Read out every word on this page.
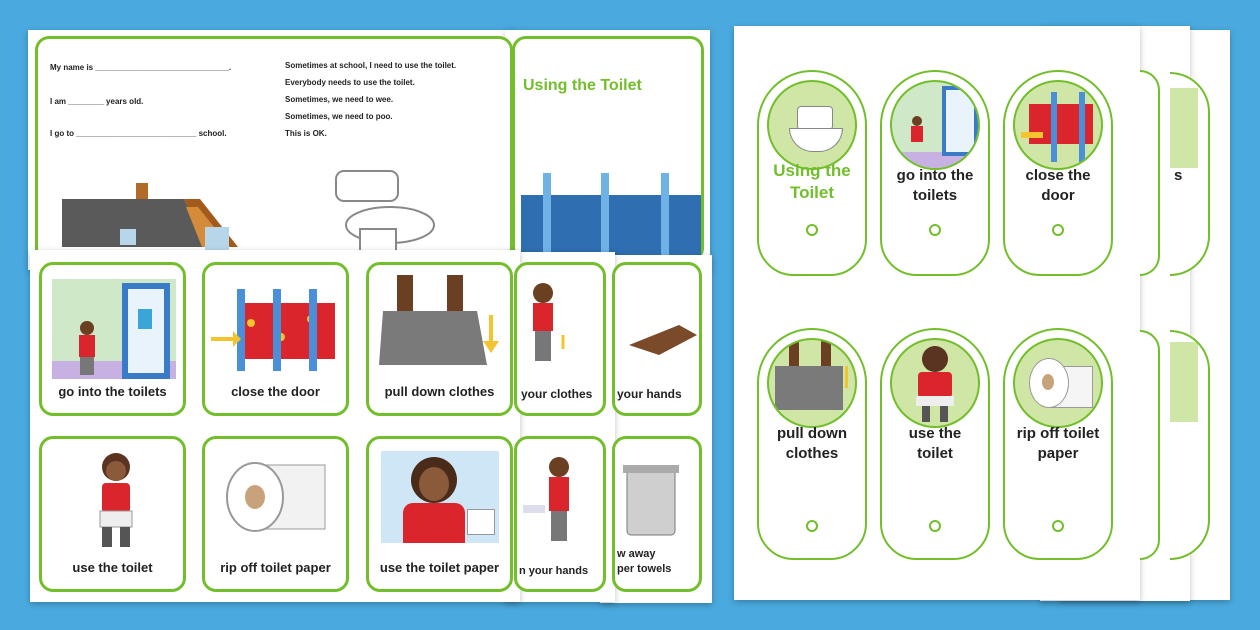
My name is ______________________________.
I am ________ years old.
I go to ___________________________ school.
Sometimes at school, I need to use the toilet.
Everybody needs to use the toilet.
Sometimes, we need to wee.
Sometimes, we need to poo.
This is OK.
Using the Toilet
your hands
w away
per towels
your clothes
n your hands
go into the toilets	close the door	pull down clothes
use the toilet	rip off toilet paper	use the toilet paper
s
Using the Toilet
go into the toilets
close the door
pull down clothes
use the toilet
rip off toilet paper
